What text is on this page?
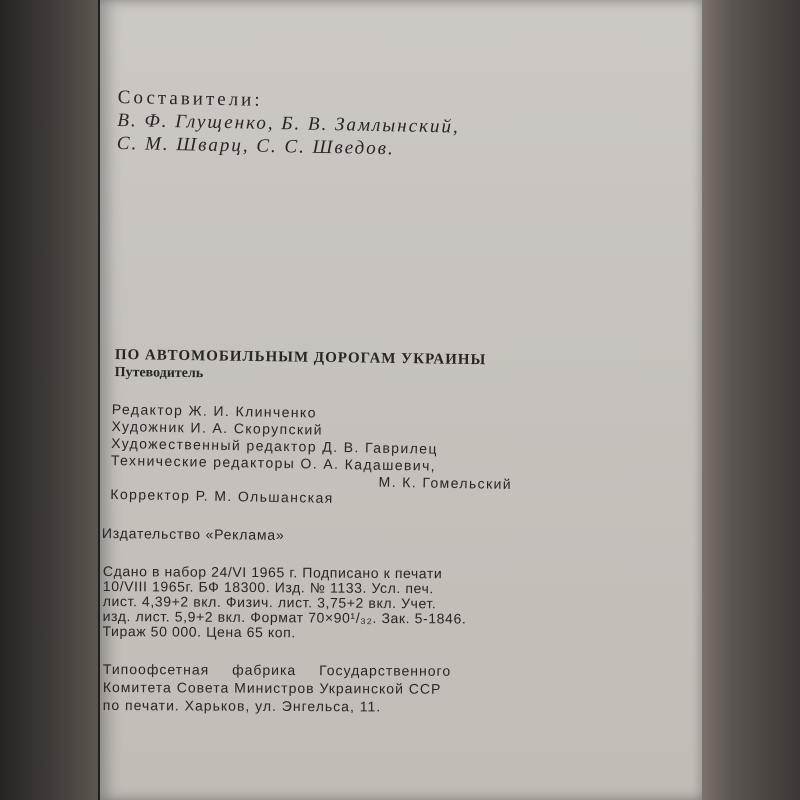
Составители:
В. Ф. Глущенко, Б. В. Замлынский,
С. М. Шварц, С. С. Шведов.
ПО АВТОМОБИЛЬНЫМ ДОРОГАМ УКРАИНЫ
Путеводитель
Редактор Ж. И. Клинченко
Художник И. А. Скорупский
Художественный редактор Д. В. Гаврилец
Технические редакторы О. А. Кадашевич,
М. К. Гомельский
Корректор Р. М. Ольшанская
Издательство «Реклама»
Сдано в набор 24/VI 1965 г. Подписано к печати
10/VIII 1965г. БФ 18300. Изд. № 1133. Усл. печ.
лист. 4,39+2 вкл. Физич. лист. 3,75+2 вкл. Учет.
изд. лист. 5,9+2 вкл. Формат 70×90¹/₃₂. Зак. 5-1846.
Тираж 50 000. Цена 65 коп.
Типоофсетная фабрика Государственного
Комитета Совета Министров Украинской ССР
по печати. Харьков, ул. Энгельса, 11.
